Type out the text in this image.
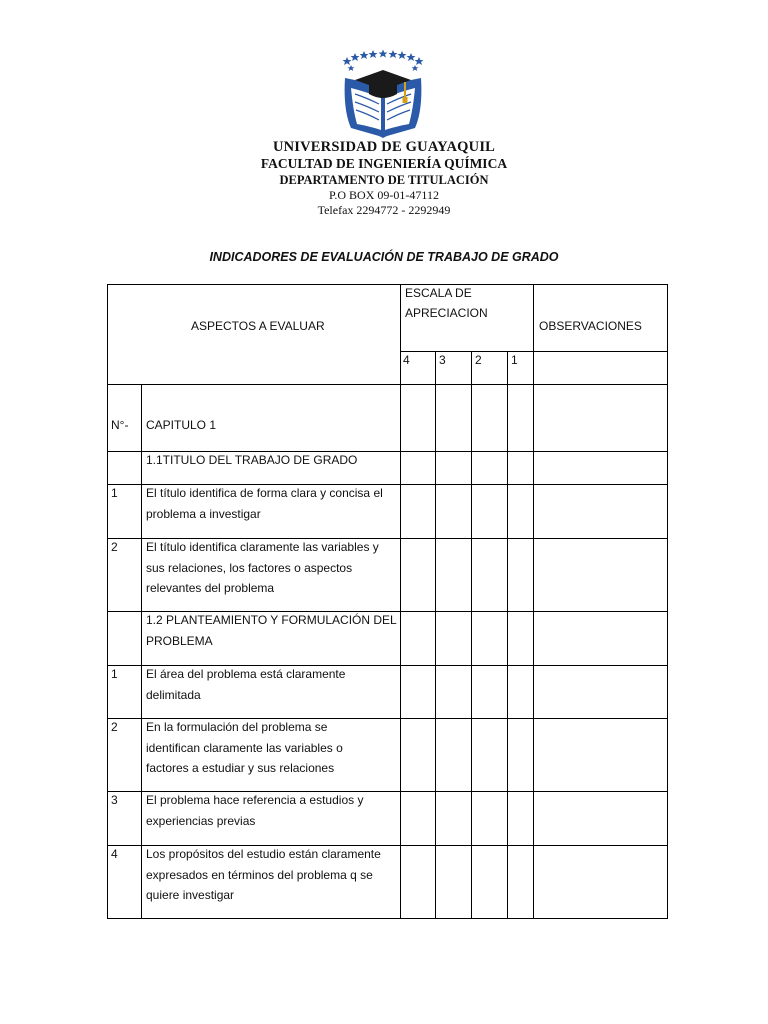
UNIVERSIDAD DE GUAYAQUIL
FACULTAD DE INGENIERÍA QUÍMICA
DEPARTAMENTO DE TITULACIÓN
P.O BOX 09-01-47112
Telefax 2294772 - 2292949
INDICADORES DE EVALUACIÓN DE TRABAJO DE GRADO
ASPECTOS A EVALUAR
ESCALA DE
APRECIACION
OBSERVACIONES
4 3 2 1
N°- CAPITULO 1
1.1TITULO DEL TRABAJO DE GRADO
1 El título identifica de forma clara y concisa el
problema a investigar
2 El título identifica claramente las variables y
sus relaciones, los factores o aspectos
relevantes del problema
1.2 PLANTEAMIENTO Y FORMULACIÓN DEL
PROBLEMA
1 El área del problema está claramente
delimitada
2 En la formulación del problema se
identifican claramente las variables o
factores a estudiar y sus relaciones
3 El problema hace referencia a estudios y
experiencias previas
4 Los propósitos del estudio están claramente
expresados en términos del problema q se
quiere investigar
